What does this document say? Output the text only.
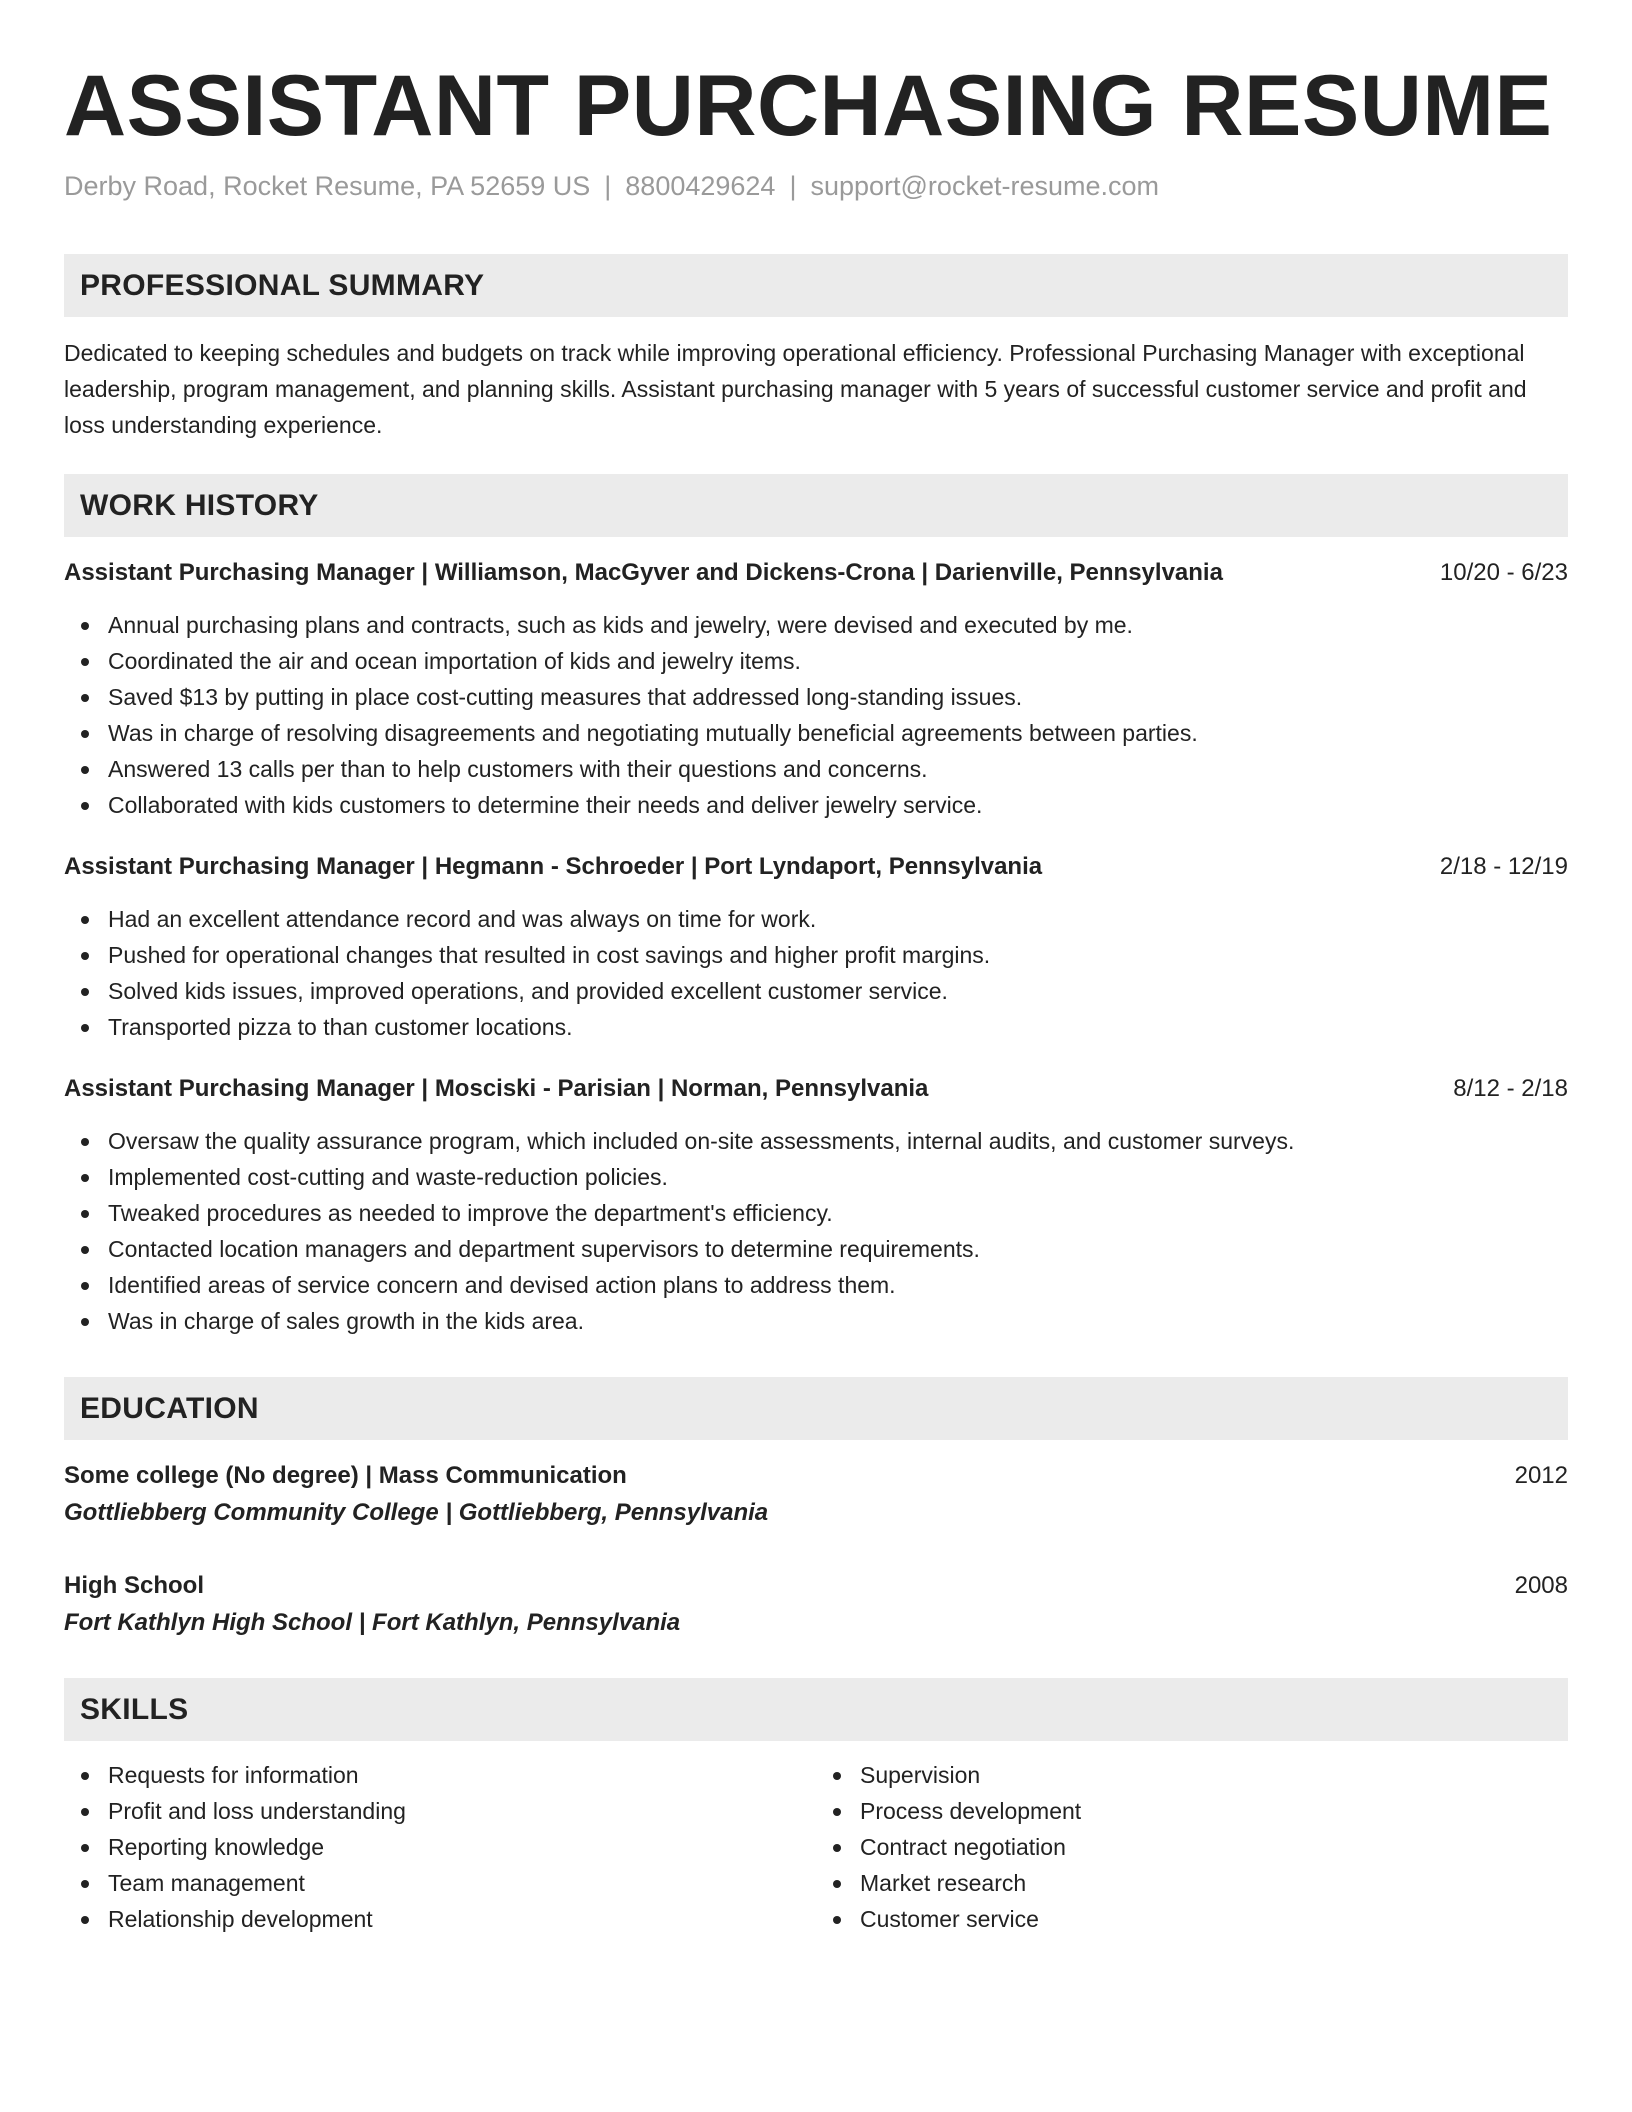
ASSISTANT PURCHASING RESUME
Derby Road, Rocket Resume, PA 52659 US | 8800429624 | support@rocket-resume.com
PROFESSIONAL SUMMARY
Dedicated to keeping schedules and budgets on track while improving operational efficiency. Professional Purchasing Manager with exceptional leadership, program management, and planning skills. Assistant purchasing manager with 5 years of successful customer service and profit and loss understanding experience.
WORK HISTORY
Assistant Purchasing Manager | Williamson, MacGyver and Dickens-Crona | Darienville, Pennsylvania	10/20 - 6/23
Annual purchasing plans and contracts, such as kids and jewelry, were devised and executed by me.
Coordinated the air and ocean importation of kids and jewelry items.
Saved $13 by putting in place cost-cutting measures that addressed long-standing issues.
Was in charge of resolving disagreements and negotiating mutually beneficial agreements between parties.
Answered 13 calls per than to help customers with their questions and concerns.
Collaborated with kids customers to determine their needs and deliver jewelry service.
Assistant Purchasing Manager | Hegmann - Schroeder | Port Lyndaport, Pennsylvania	2/18 - 12/19
Had an excellent attendance record and was always on time for work.
Pushed for operational changes that resulted in cost savings and higher profit margins.
Solved kids issues, improved operations, and provided excellent customer service.
Transported pizza to than customer locations.
Assistant Purchasing Manager | Mosciski - Parisian | Norman, Pennsylvania	8/12 - 2/18
Oversaw the quality assurance program, which included on-site assessments, internal audits, and customer surveys.
Implemented cost-cutting and waste-reduction policies.
Tweaked procedures as needed to improve the department's efficiency.
Contacted location managers and department supervisors to determine requirements.
Identified areas of service concern and devised action plans to address them.
Was in charge of sales growth in the kids area.
EDUCATION
Some college (No degree) | Mass Communication	2012
Gottliebberg Community College | Gottliebberg, Pennsylvania
High School	2008
Fort Kathlyn High School | Fort Kathlyn, Pennsylvania
SKILLS
Requests for information
Profit and loss understanding
Reporting knowledge
Team management
Relationship development
Supervision
Process development
Contract negotiation
Market research
Customer service
